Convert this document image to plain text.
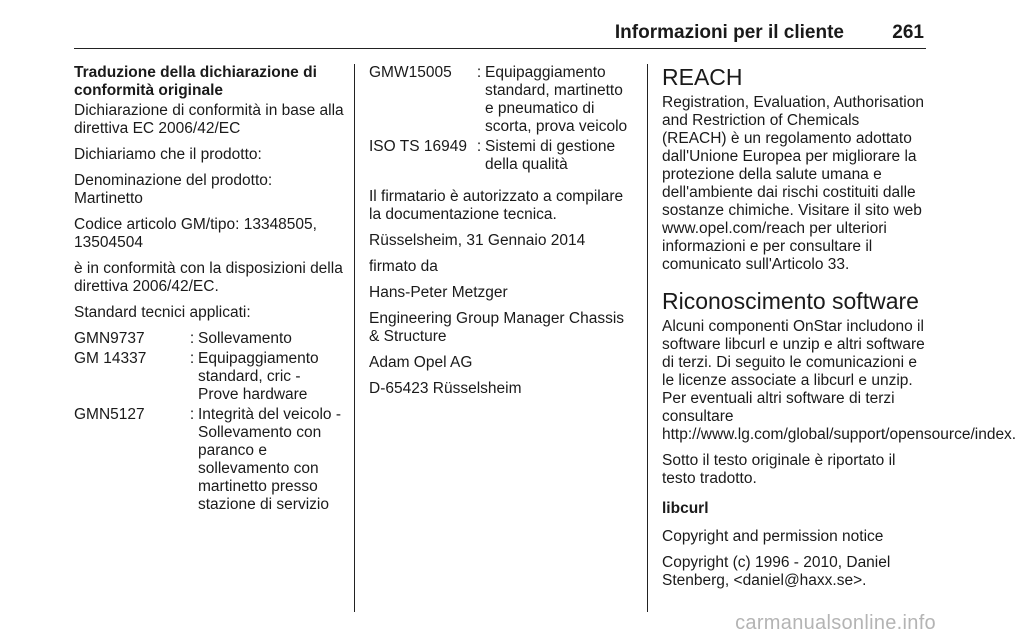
Informazioni per il cliente	261

Traduzione della dichiarazione di conformità originale

Dichiarazione di conformità in base alla direttiva EC 2006/42/EC

Dichiariamo che il prodotto:

Denominazione del prodotto: Martinetto

Codice articolo GM/tipo: 13348505, 13504504

è in conformità con la disposizioni della direttiva 2006/42/EC.

Standard tecnici applicati:

GMN9737	: Sollevamento
GM 14337	: Equipaggiamento standard, cric - Prove hardware
GMN5127	: Integrità del veicolo - Sollevamento con paranco e sollevamento con martinetto presso stazione di servizio
GMW15005	: Equipaggiamento standard, martinetto e pneumatico di scorta, prova veicolo
ISO TS 16949 : Sistemi di gestione della qualità

Il firmatario è autorizzato a compilare la documentazione tecnica.

Rüsselsheim, 31 Gennaio 2014

firmato da

Hans-Peter Metzger

Engineering Group Manager Chassis & Structure

Adam Opel AG

D-65423 Rüsselsheim

REACH

Registration, Evaluation, Authorisation and Restriction of Chemicals (REACH) è un regolamento adottato dall'Unione Europea per migliorare la protezione della salute umana e dell'ambiente dai rischi costituiti dalle sostanze chimiche. Visitare il sito web www.opel.com/reach per ulteriori informazioni e per consultare il comunicato sull'Articolo 33.

Riconoscimento software

Alcuni componenti OnStar includono il software libcurl e unzip e altri software di terzi. Di seguito le comunicazioni e le licenze associate a libcurl e unzip. Per eventuali altri software di terzi consultare http://www.lg.com/global/support/opensource/index.

Sotto il testo originale è riportato il testo tradotto.

libcurl

Copyright and permission notice

Copyright (c) 1996 - 2010, Daniel Stenberg, <daniel@haxx.se>.

carmanualsonline.info
